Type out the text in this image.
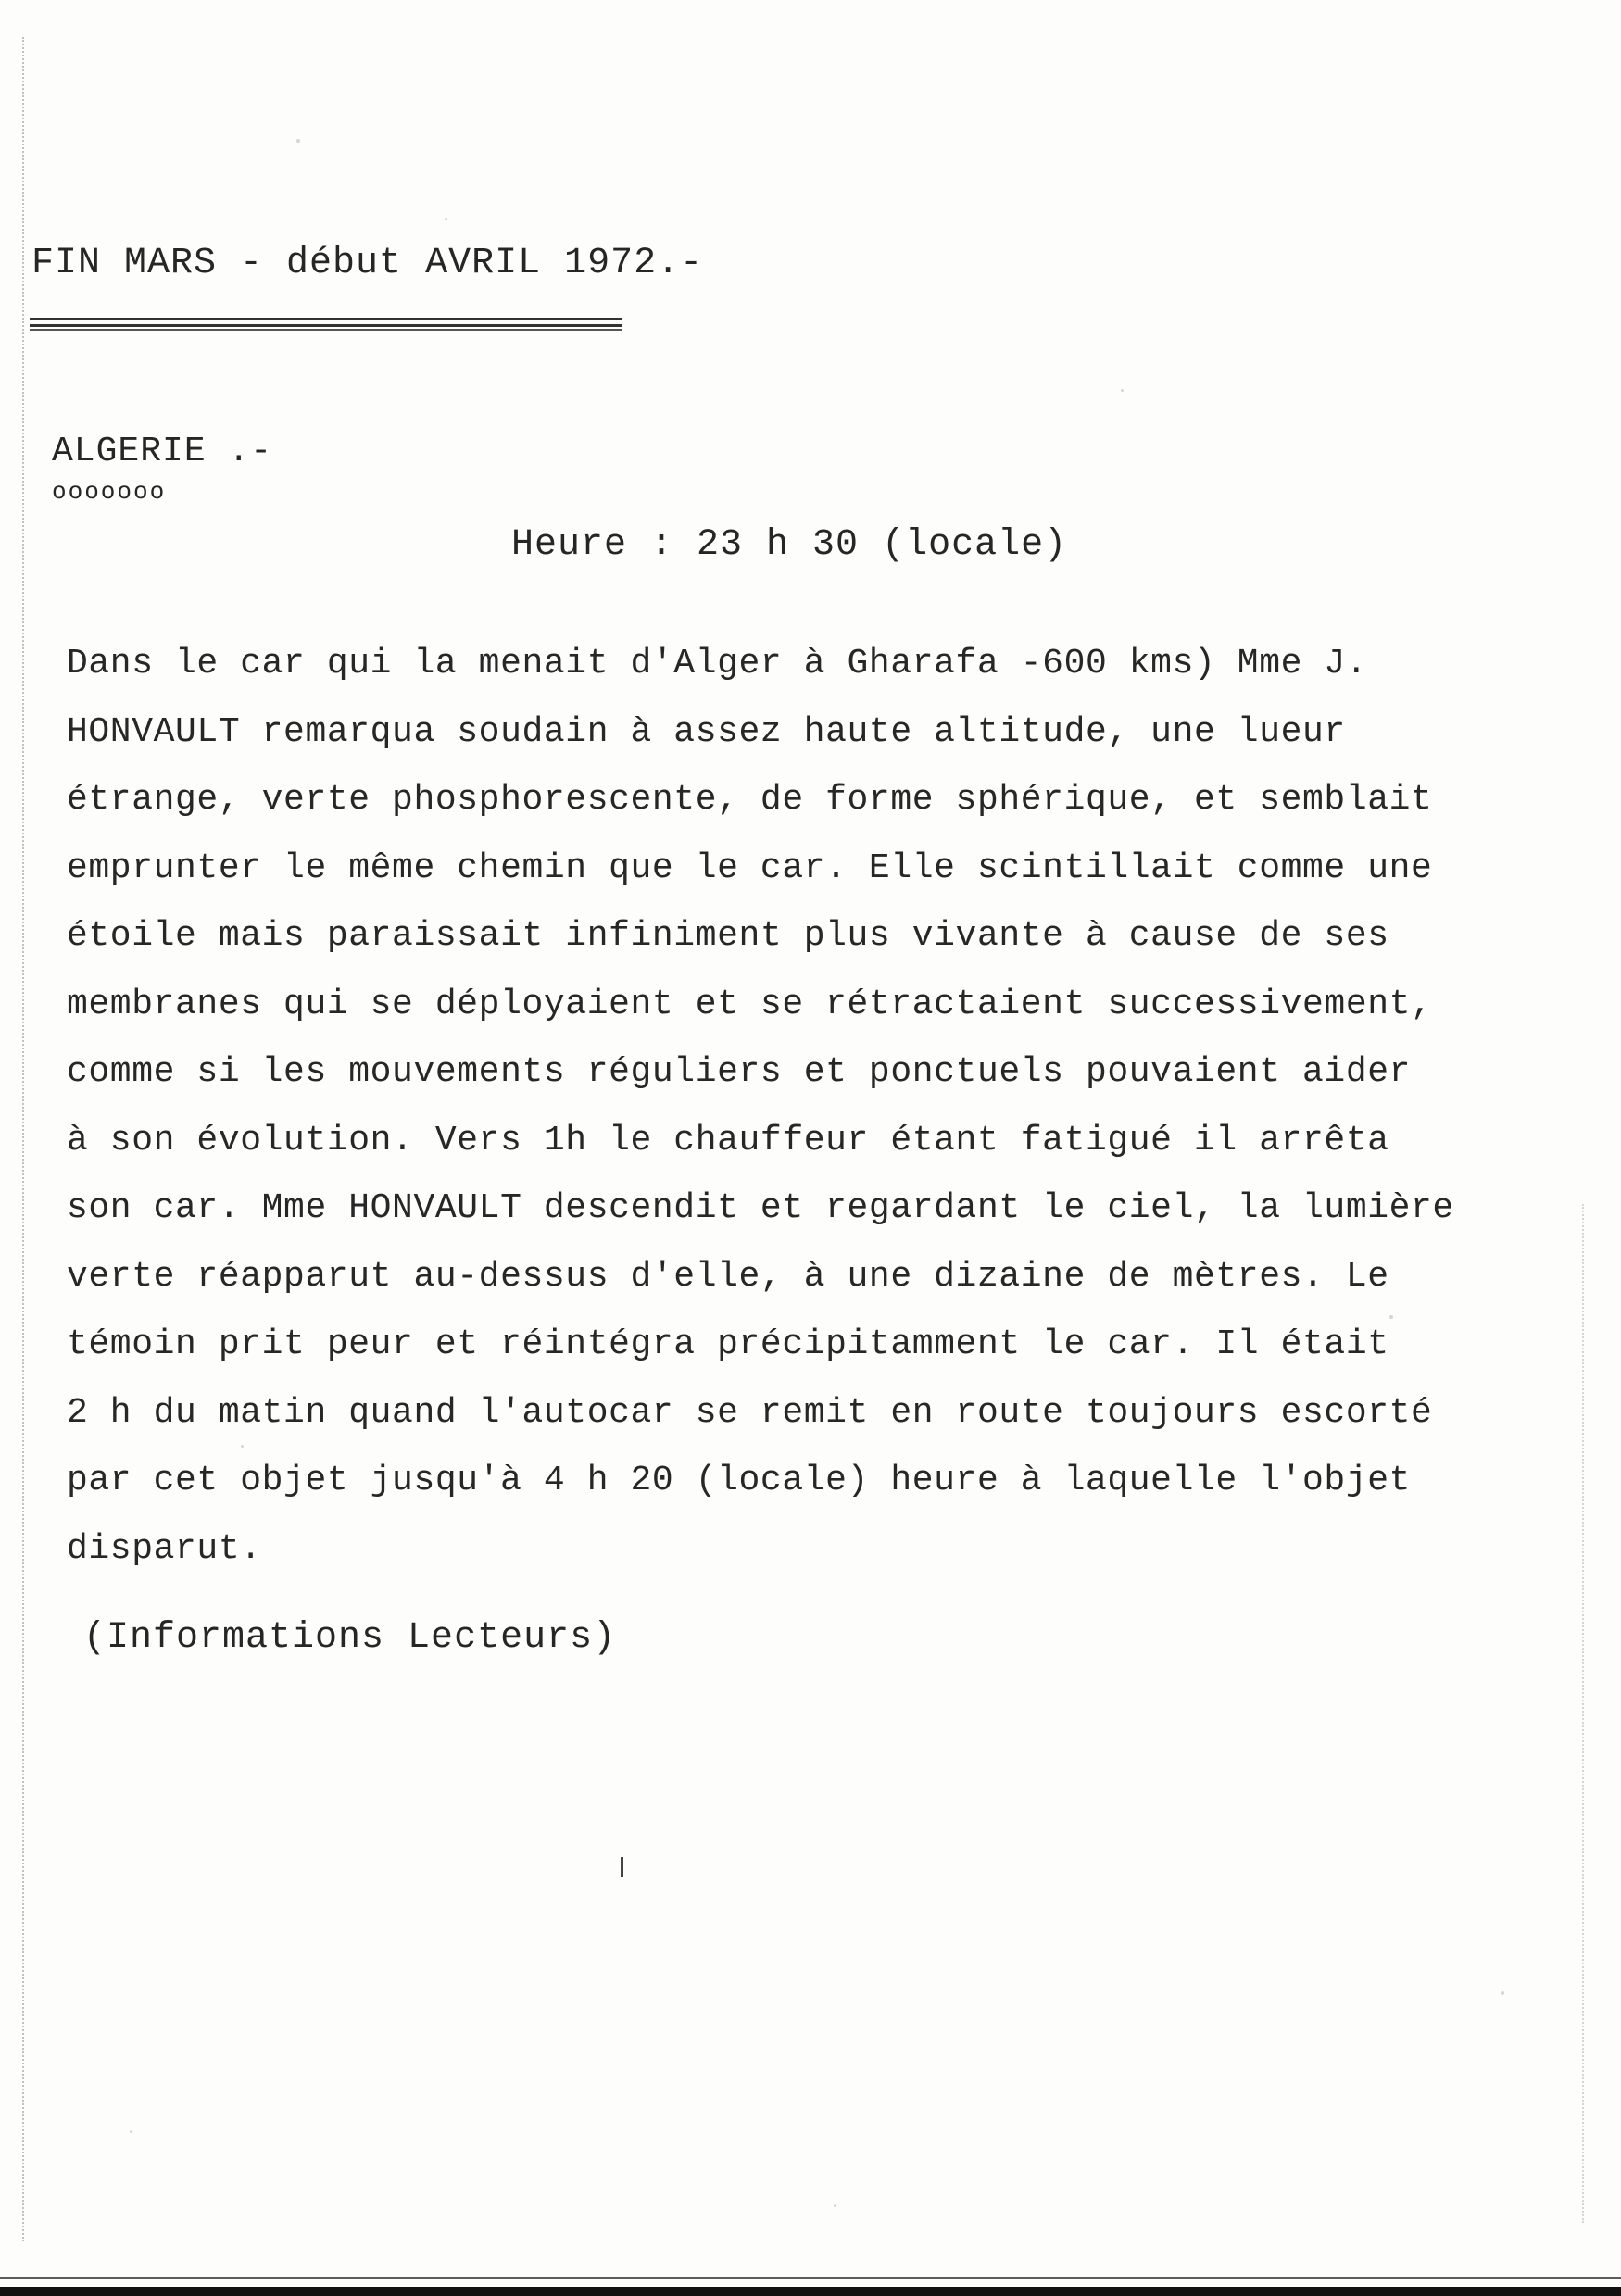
FIN MARS - début AVRIL 1972.-
ALGERIE .-
ooooooo
Heure : 23 h 30 (locale)
Dans le car qui la menait d'Alger à Gharafa -600 kms) Mme J.
HONVAULT remarqua soudain à assez haute altitude, une lueur
étrange, verte phosphorescente, de forme sphérique, et semblait
emprunter le même chemin que le car. Elle scintillait comme une
étoile mais paraissait infiniment plus vivante à cause de ses
membranes qui se déployaient et se rétractaient successivement,
comme si les mouvements réguliers et ponctuels pouvaient aider
à son évolution. Vers 1h le chauffeur étant fatigué il arrêta
son car. Mme HONVAULT descendit et regardant le ciel, la lumière
verte réapparut au-dessus d'elle, à une dizaine de mètres. Le
témoin prit peur et réintégra précipitamment le car. Il était
2 h du matin quand l'autocar se remit en route toujours escorté
par cet objet jusqu'à 4 h 20 (locale) heure à laquelle l'objet
disparut.
(Informations Lecteurs)
